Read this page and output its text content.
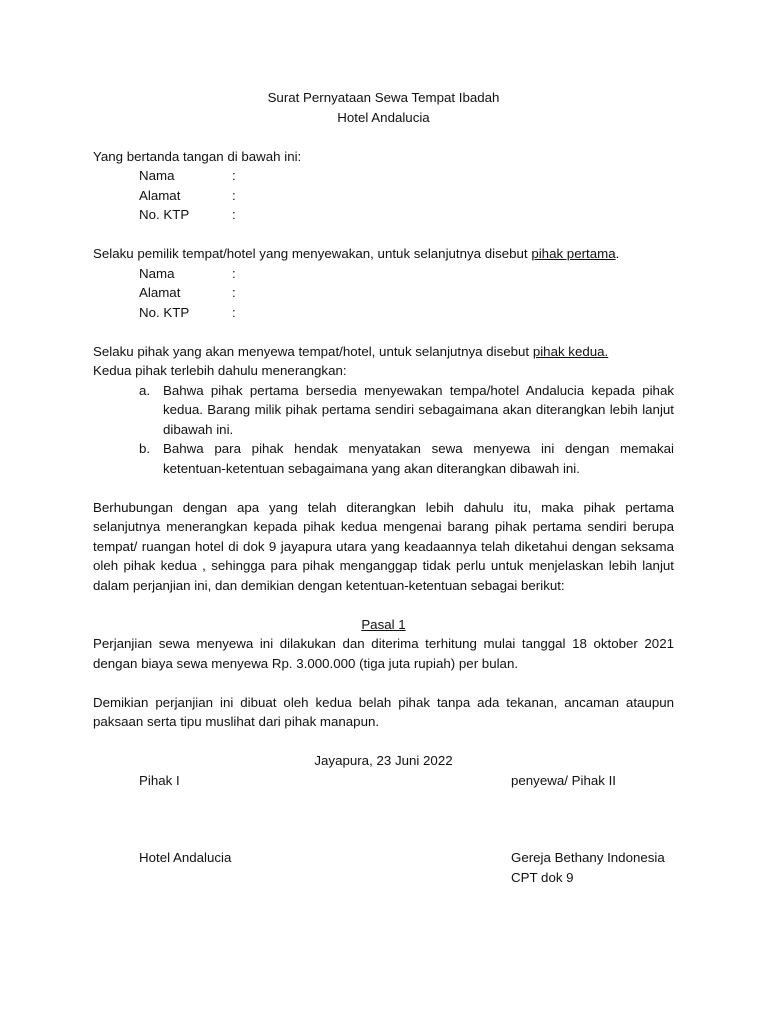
Surat Pernyataan Sewa Tempat Ibadah
Hotel Andalucia
Yang bertanda tangan di bawah ini:
Nama	:
Alamat	:
No. KTP	:
Selaku pemilik tempat/hotel yang menyewakan, untuk selanjutnya disebut pihak pertama.
Nama	:
Alamat	:
No. KTP	:
Selaku pihak yang akan menyewa tempat/hotel, untuk selanjutnya disebut pihak kedua.
Kedua pihak terlebih dahulu menerangkan:
a. Bahwa pihak pertama bersedia menyewakan tempa/hotel Andalucia kepada pihak kedua. Barang milik pihak pertama sendiri sebagaimana akan diterangkan lebih lanjut dibawah ini.
b. Bahwa para pihak hendak menyatakan sewa menyewa ini dengan memakai ketentuan-ketentuan sebagaimana yang akan diterangkan dibawah ini.
Berhubungan dengan apa yang telah diterangkan lebih dahulu itu, maka pihak pertama selanjutnya menerangkan kepada pihak kedua mengenai barang pihak pertama sendiri berupa tempat/ ruangan hotel di dok 9 jayapura utara yang keadaannya telah diketahui dengan seksama oleh pihak kedua , sehingga para pihak menganggap tidak perlu untuk menjelaskan lebih lanjut dalam perjanjian ini, dan demikian dengan ketentuan-ketentuan sebagai berikut:
Pasal 1
Perjanjian sewa menyewa ini dilakukan dan diterima terhitung mulai tanggal 18 oktober 2021 dengan biaya sewa menyewa Rp. 3.000.000 (tiga juta rupiah) per bulan.
Demikian perjanjian ini dibuat oleh kedua belah pihak tanpa ada tekanan, ancaman ataupun paksaan serta tipu muslihat dari pihak manapun.
Jayapura, 23 Juni 2022
Pihak I	penyewa/ Pihak II
Hotel Andalucia	Gereja Bethany Indonesia
CPT dok 9
